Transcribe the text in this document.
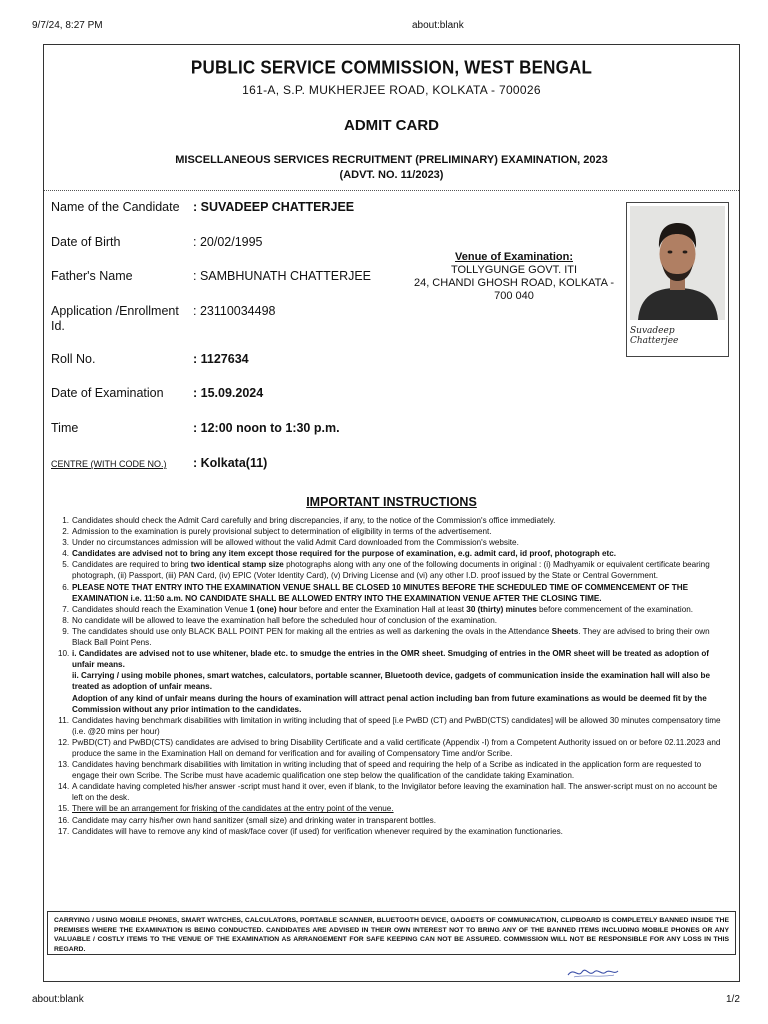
9/7/24, 8:27 PM	about:blank
PUBLIC SERVICE COMMISSION, WEST BENGAL
161-A, S.P. MUKHERJEE ROAD, KOLKATA - 700026
ADMIT CARD
MISCELLANEOUS SERVICES RECRUITMENT (PRELIMINARY) EXAMINATION, 2023
(ADVT. NO. 11/2023)
Name of the Candidate : SUVADEEP CHATTERJEE
Date of Birth	: 20/02/1995
Father's Name	: SAMBHUNATH CHATTERJEE
Application /Enrollment
Id.
: 23110034498
Roll No.	: 1127634
Date of Examination : 15.09.2024
Time	: 12:00 noon to 1:30 p.m.
CENTRE (WITH CODE NO.) : Kolkata(11)
Venue of Examination:
TOLLYGUNGE GOVT. ITI
24, CHANDI GHOSH ROAD, KOLKATA -
700 040
Suvadeep Chatterjee
IMPORTANT INSTRUCTIONS
1. Candidates should check the Admit Card carefully and bring discrepancies, if any, to the notice of the Commission's office immediately.
2. Admission to the examination is purely provisional subject to determination of eligibility in terms of the advertisement.
3. Under no circumstances admission will be allowed without the valid Admit Card downloaded from the Commission's website.
4. Candidates are advised not to bring any item except those required for the purpose of examination, e.g. admit card, id proof, photograph etc.
5. Candidates are required to bring two identical stamp size photographs along with any one of the following documents in original : (i) Madhyamik or equivalent certificate bearing photograph, (ii) Passport, (iii) PAN Card, (iv) EPIC (Voter Identity Card), (v) Driving License and (vi) any other I.D. proof issued by the State or Central Government.
6. PLEASE NOTE THAT ENTRY INTO THE EXAMINATION VENUE SHALL BE CLOSED 10 MINUTES BEFORE THE SCHEDULED TIME OF COMMENCEMENT OF THE EXAMINATION i.e. 11:50 a.m. NO CANDIDATE SHALL BE ALLOWED ENTRY INTO THE EXAMINATION VENUE AFTER THE CLOSING TIME.
7. Candidates should reach the Examination Venue 1 (one) hour before and enter the Examination Hall at least 30 (thirty) minutes before commencement of the examination.
8. No candidate will be allowed to leave the examination hall before the scheduled hour of conclusion of the examination.
9. The candidates should use only BLACK BALL POINT PEN for making all the entries as well as darkening the ovals in the Attendance Sheets. They are advised to bring their own Black Ball Point Pens.
10. i. Candidates are advised not to use whitener, blade etc. to smudge the entries in the OMR sheet. Smudging of entries in the OMR sheet will be treated as adoption of unfair means.
ii. Carrying / using mobile phones, smart watches, calculators, portable scanner, Bluetooth device, gadgets of communication inside the examination hall will also be treated as adoption of unfair means.
Adoption of any kind of unfair means during the hours of examination will attract penal action including ban from future examinations as would be deemed fit by the Commission without any prior intimation to the candidates.
11. Candidates having benchmark disabilities with limitation in writing including that of speed [i.e PwBD (CT) and PwBD(CTS) candidates] will be allowed 30 minutes compensatory time (i.e. @20 mins per hour)
12. PwBD(CT) and PwBD(CTS) candidates are advised to bring Disability Certificate and a valid certificate (Appendix -I) from a Competent Authority issued on or before 02.11.2023 and produce the same in the Examination Hall on demand for verification and for availing of Compensatory Time and/or Scribe.
13. Candidates having benchmark disabilities with limitation in writing including that of speed and requiring the help of a Scribe as indicated in the application form are requested to engage their own Scribe. The Scribe must have academic qualification one step below the qualification of the candidate taking Examination.
14. A candidate having completed his/her answer -script must hand it over, even if blank, to the Invigilator before leaving the examination hall. The answer-script must on no account be left on the desk.
15. There will be an arrangement for frisking of the candidates at the entry point of the venue.
16. Candidate may carry his/her own hand sanitizer (small size) and drinking water in transparent bottles.
17. Candidates will have to remove any kind of mask/face cover (if used) for verification whenever required by the examination functionaries.
CARRYING / USING MOBILE PHONES, SMART WATCHES, CALCULATORS, PORTABLE SCANNER, BLUETOOTH DEVICE, GADGETS OF COMMUNICATION, CLIPBOARD IS COMPLETELY BANNED INSIDE THE PREMISES WHERE THE EXAMINATION IS BEING CONDUCTED. CANDIDATES ARE ADVISED IN THEIR OWN INTEREST NOT TO BRING ANY OF THE BANNED ITEMS INCLUDING MOBILE PHONES OR ANY VALUABLE / COSTLY ITEMS TO THE VENUE OF THE EXAMINATION AS ARRANGEMENT FOR SAFE KEEPING CAN NOT BE ASSURED. COMMISSION WILL NOT BE RESPONSIBLE FOR ANY LOSS IN THIS REGARD.
about:blank	1/2
